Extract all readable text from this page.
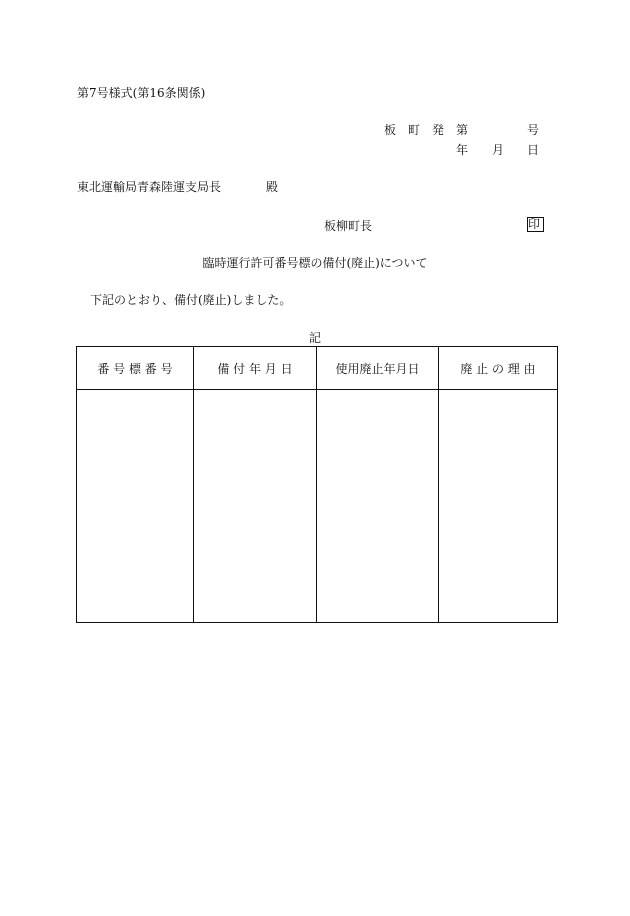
第7号様式(第16条関係)
板 町 発 第	号
年 月 日
東北運輸局青森陸運支局長	殿
板柳町長	印
臨時運行許可番号標の備付(廃止)について
下記のとおり、備付(廃止)しました。
記
番 号 標 番 号	備 付 年 月 日	使用廃止年月日	廃 止 の 理 由
